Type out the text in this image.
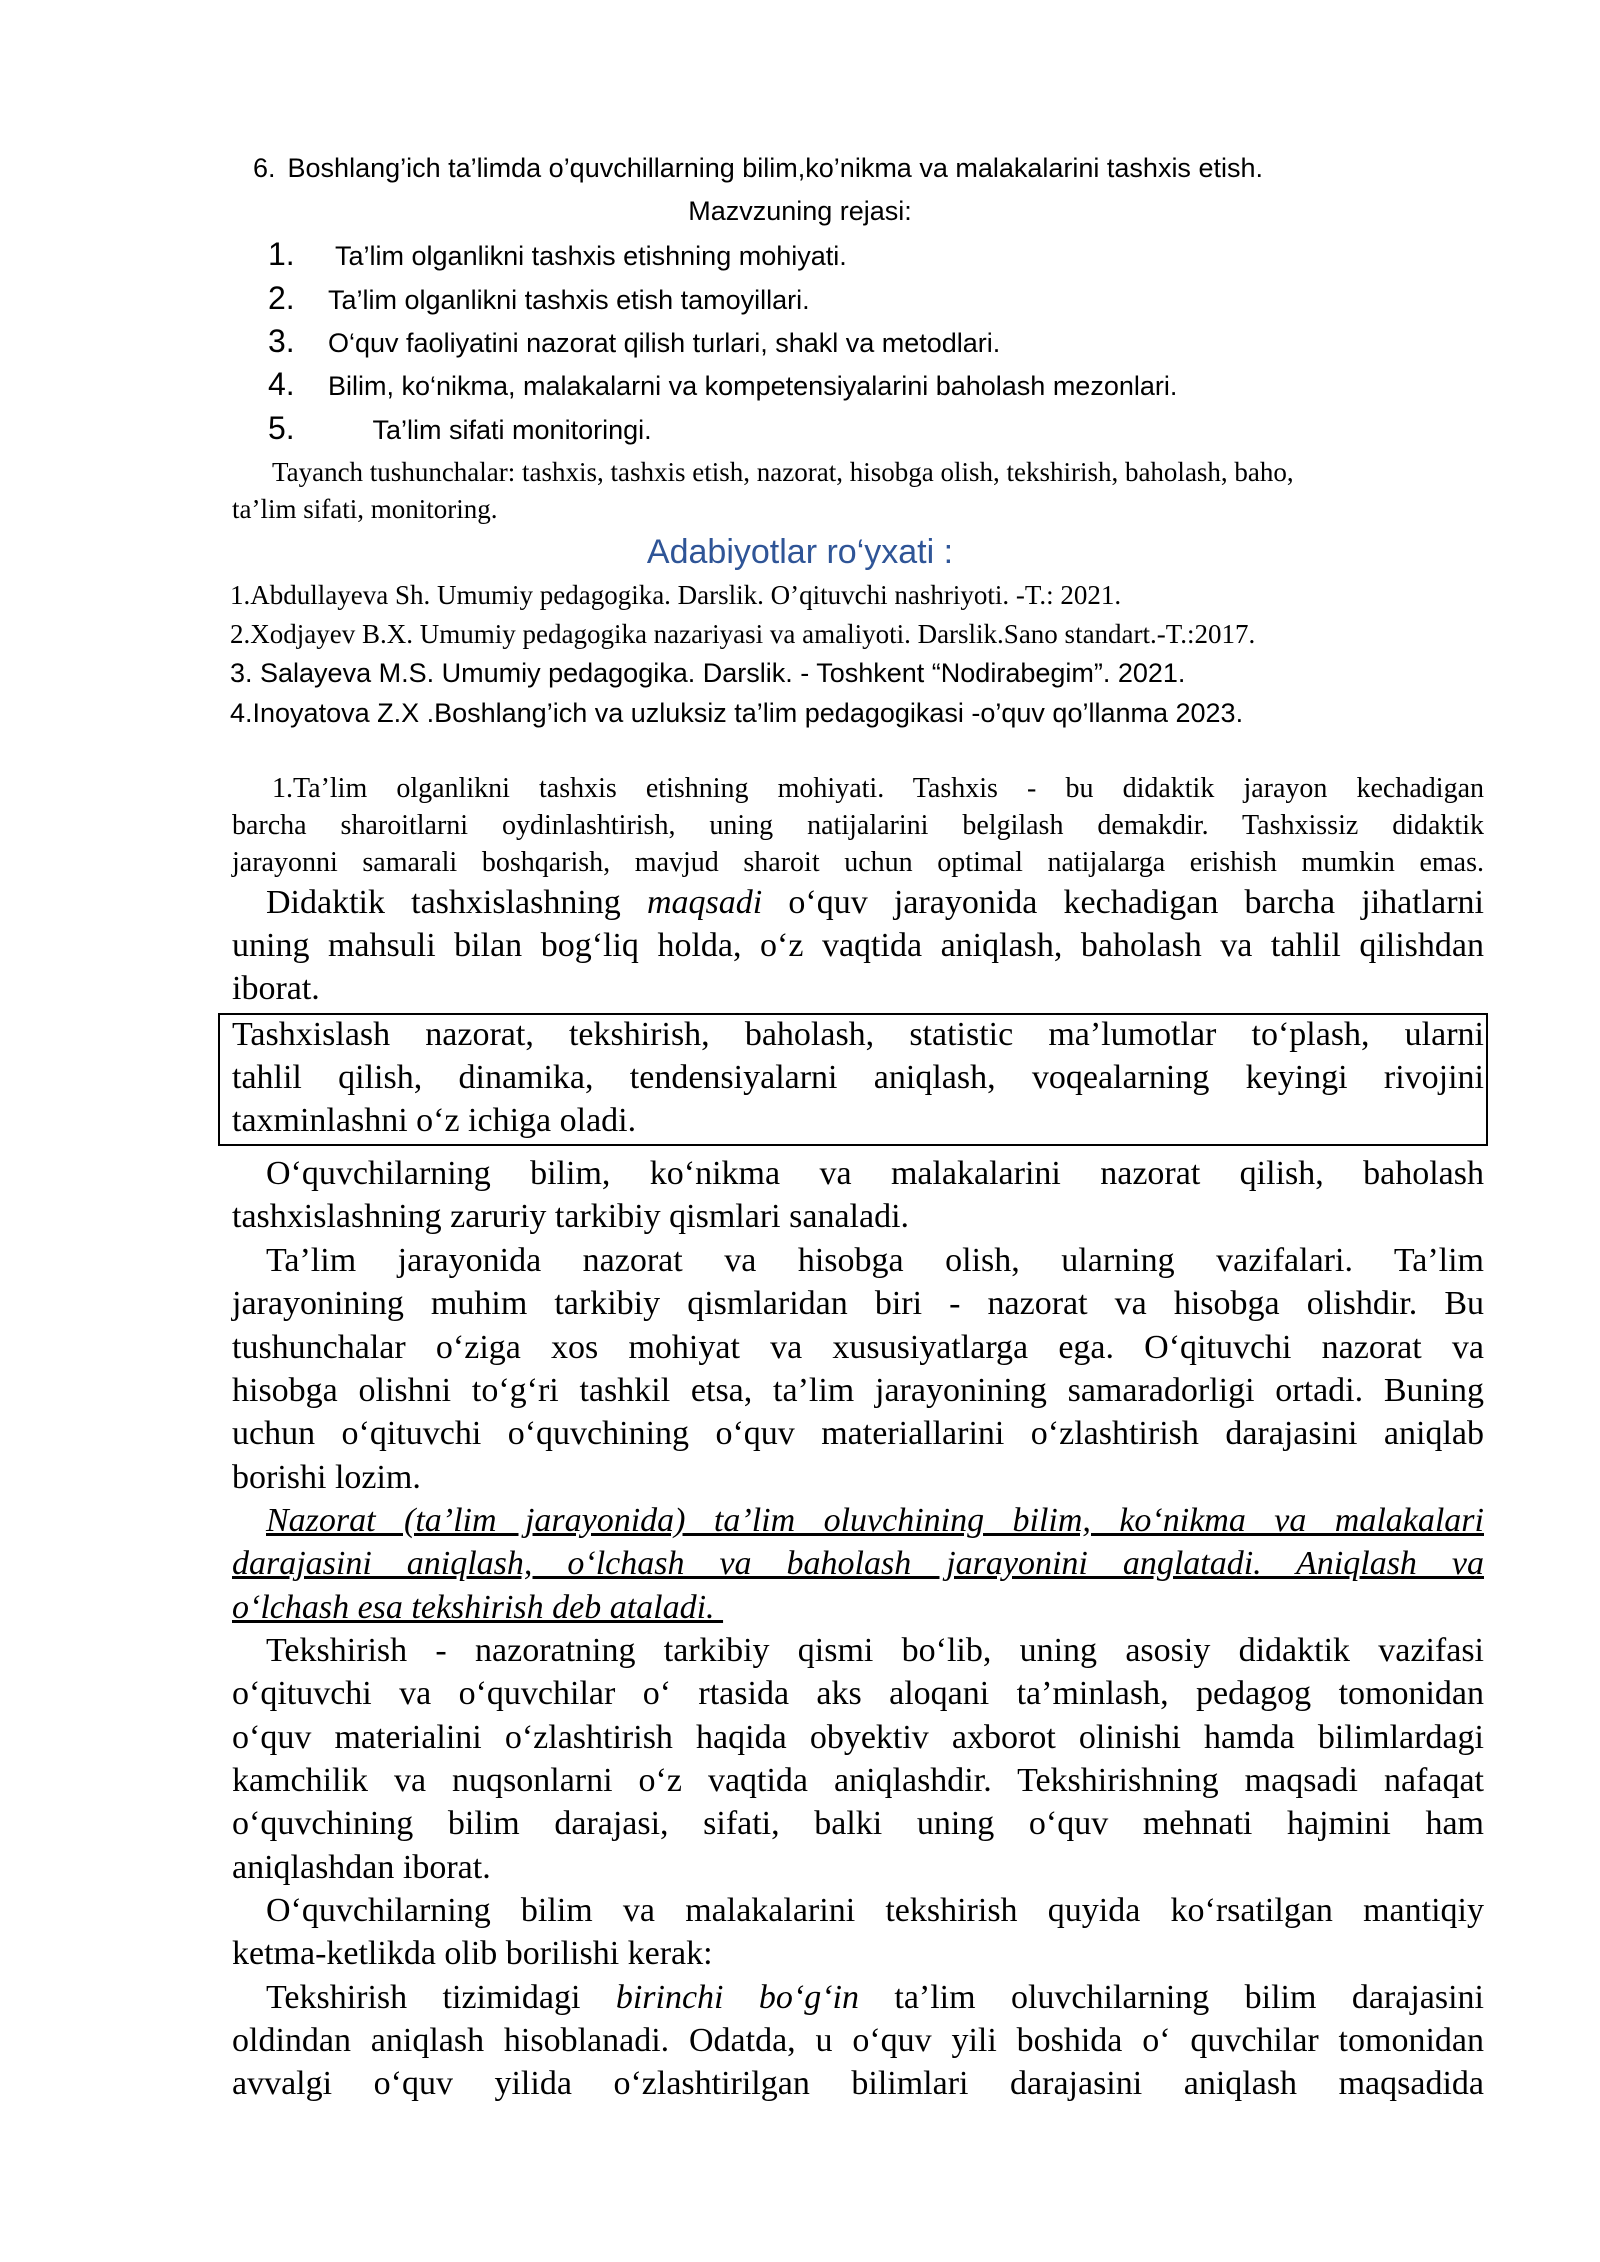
6. Boshlang’ich ta’limda o’quvchillarning bilim,ko’nikma va malakalarini tashxis etish.
Mazvzuning rejasi:
1. Ta’lim olganlikni tashxis etishning mohiyati.
2. Ta’lim olganlikni tashxis etish tamoyillari.
3. O‘quv faoliyatini nazorat qilish turlari, shakl va metodlari.
4. Bilim, ko‘nikma, malakalarni va kompetensiyalarini baholash mezonlari.
5.      Ta’lim sifati monitoringi.
Tayanch tushunchalar: tashxis, tashxis etish, nazorat, hisobga olish, tekshirish, baholash, baho,
ta’lim sifati, monitoring.
Adabiyotlar ro‘yxati :
1.Abdullayeva Sh. Umumiy pedagogika. Darslik. O’qituvchi nashriyoti. -T.: 2021.
2.Xodjayev B.X. Umumiy pedagogika nazariyasi va amaliyoti. Darslik.Sano standart.-T.:2017.
3. Salayeva M.S. Umumiy pedagogika. Darslik. - Toshkent “Nodirabegim”. 2021.
4.Inoyatova Z.X .Boshlang’ich va uzluksiz ta’lim pedagogikasi -o’quv qo’llanma 2023.
1.Ta’lim olganlikni tashxis etishning mohiyati. Tashxis - bu didaktik jarayon kechadigan
barcha sharoitlarni oydinlashtirish, uning natijalarini belgilash demakdir. Tashxissiz didaktik
jarayonni samarali boshqarish, mavjud sharoit uchun optimal natijalarga erishish mumkin emas.
Didaktik tashxislashning maqsadi o‘quv jarayonida kechadigan barcha jihatlarni
uning mahsuli bilan bog‘liq holda, o‘z vaqtida aniqlash, baholash va tahlil qilishdan
iborat.
Tashxislash nazorat, tekshirish, baholash, statistic ma’lumotlar to‘plash, ularni
tahlil qilish, dinamika, tendensiyalarni aniqlash, voqealarning keyingi rivojini
taxminlashni o‘z ichiga oladi.
O‘quvchilarning bilim, ko‘nikma va malakalarini nazorat qilish, baholash
tashxislashning zaruriy tarkibiy qismlari sanaladi.
Ta’lim jarayonida nazorat va hisobga olish, ularning vazifalari. Ta’lim
jarayonining muhim tarkibiy qismlaridan biri - nazorat va hisobga olishdir. Bu
tushunchalar o‘ziga xos mohiyat va xususiyatlarga ega. O‘qituvchi nazorat va
hisobga olishni to‘g‘ri tashkil etsa, ta’lim jarayonining samaradorligi ortadi. Buning
uchun o‘qituvchi o‘quvchining o‘quv materiallarini o‘zlashtirish darajasini aniqlab
borishi lozim.
Nazorat (ta’lim jarayonida) ta’lim oluvchining bilim, ko‘nikma va malakalari
darajasini aniqlash, o‘lchash va baholash jarayonini anglatadi. Aniqlash va
o‘lchash esa tekshirish deb ataladi.
Tekshirish - nazoratning tarkibiy qismi bo‘lib, uning asosiy didaktik vazifasi
o‘qituvchi va o‘quvchilar o‘ rtasida aks aloqani ta’minlash, pedagog tomonidan
o‘quv materialini o‘zlashtirish haqida obyektiv axborot olinishi hamda bilimlardagi
kamchilik va nuqsonlarni o‘z vaqtida aniqlashdir. Tekshirishning maqsadi nafaqat
o‘quvchining bilim darajasi, sifati, balki uning o‘quv mehnati hajmini ham
aniqlashdan iborat.
O‘quvchilarning bilim va malakalarini tekshirish quyida ko‘rsatilgan mantiqiy
ketma-ketlikda olib borilishi kerak:
Tekshirish tizimidagi birinchi bo‘g‘in ta’lim oluvchilarning bilim darajasini
oldindan aniqlash hisoblanadi. Odatda, u o‘quv yili boshida o‘ quvchilar tomonidan
avvalgi o‘quv yilida o‘zlashtirilgan bilimlari darajasini aniqlash maqsadida
